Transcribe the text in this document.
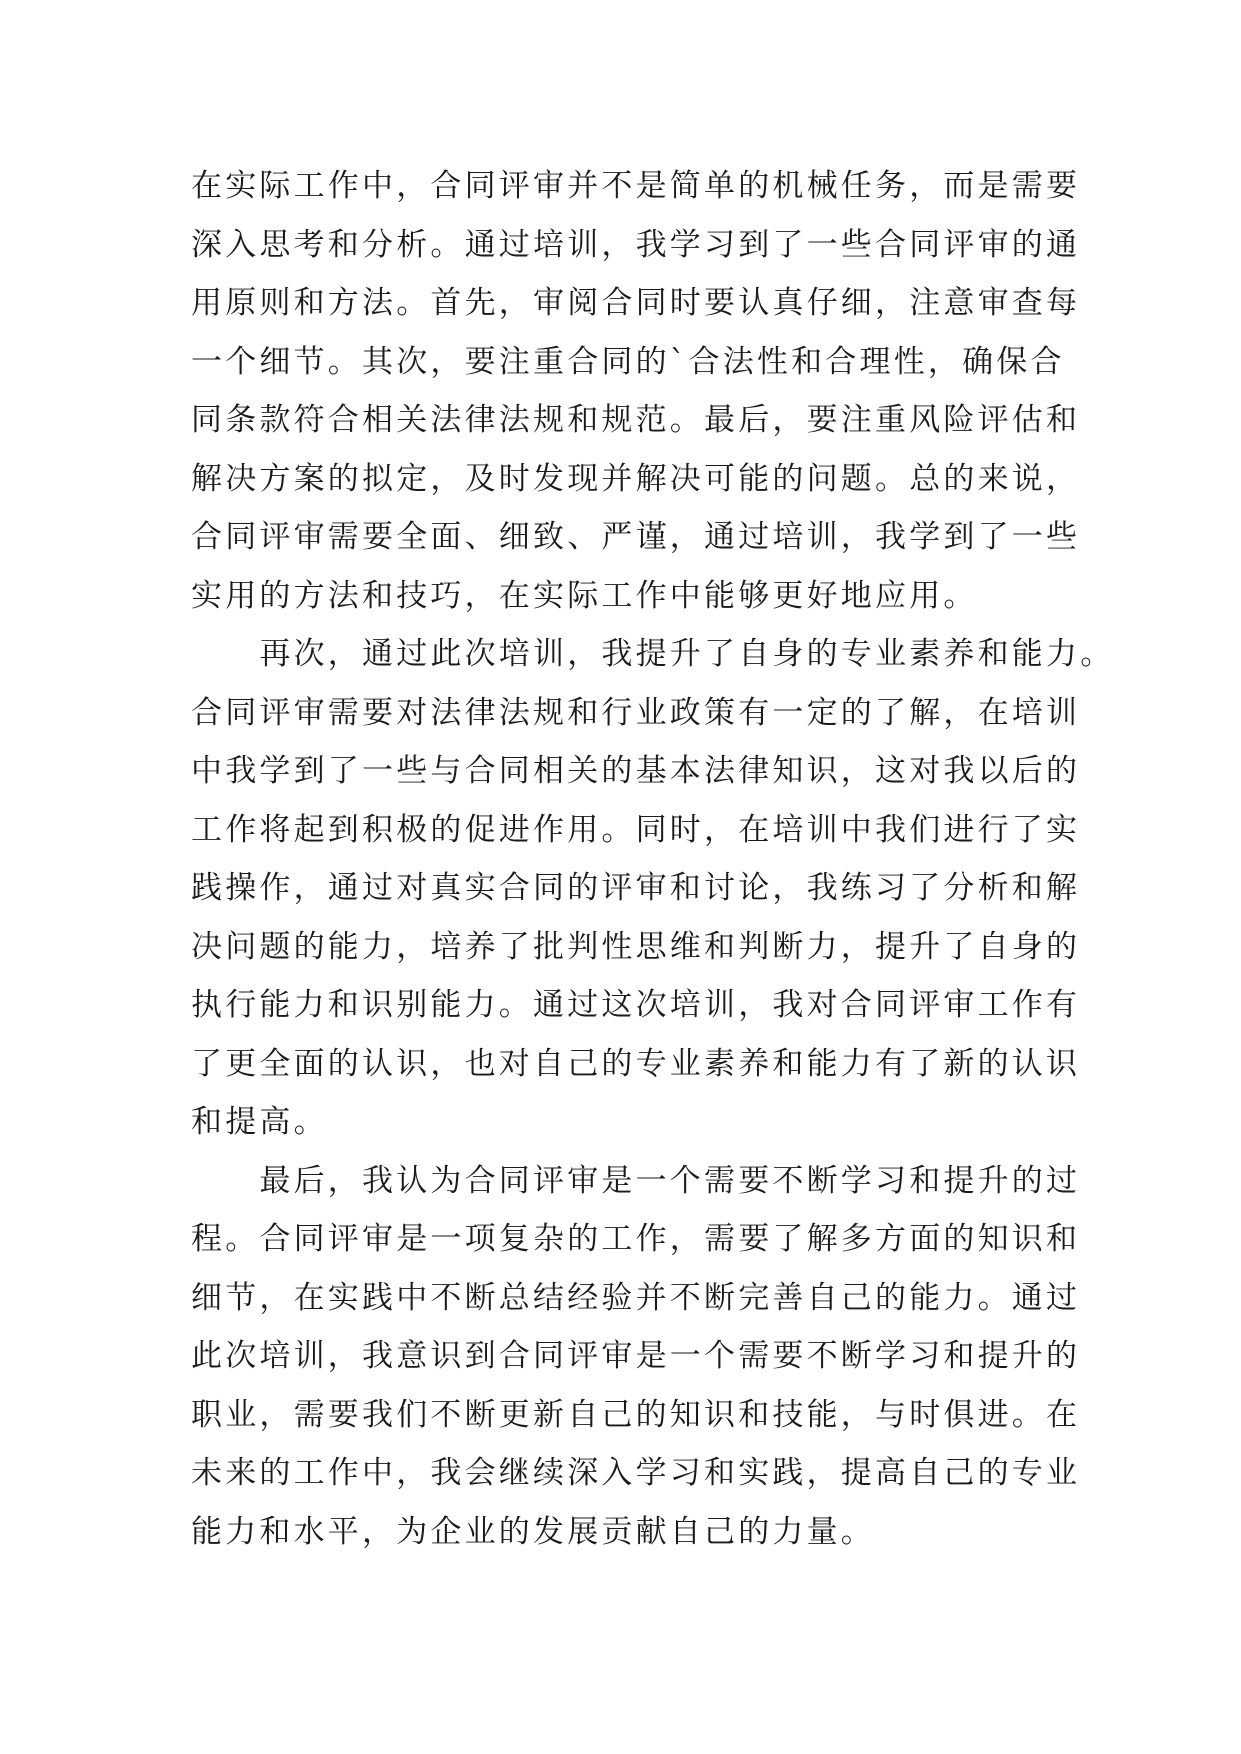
在实际工作中，合同评审并不是简单的机械任务，而是需要
深入思考和分析。通过培训，我学习到了一些合同评审的通
用原则和方法。首先，审阅合同时要认真仔细，注意审查每
一个细节。其次，要注重合同的`合法性和合理性，确保合
同条款符合相关法律法规和规范。最后，要注重风险评估和
解决方案的拟定，及时发现并解决可能的问题。总的来说，
合同评审需要全面、细致、严谨，通过培训，我学到了一些
实用的方法和技巧，在实际工作中能够更好地应用。
　　再次，通过此次培训，我提升了自身的专业素养和能力。
合同评审需要对法律法规和行业政策有一定的了解，在培训
中我学到了一些与合同相关的基本法律知识，这对我以后的
工作将起到积极的促进作用。同时，在培训中我们进行了实
践操作，通过对真实合同的评审和讨论，我练习了分析和解
决问题的能力，培养了批判性思维和判断力，提升了自身的
执行能力和识别能力。通过这次培训，我对合同评审工作有
了更全面的认识，也对自己的专业素养和能力有了新的认识
和提高。
　　最后，我认为合同评审是一个需要不断学习和提升的过
程。合同评审是一项复杂的工作，需要了解多方面的知识和
细节，在实践中不断总结经验并不断完善自己的能力。通过
此次培训，我意识到合同评审是一个需要不断学习和提升的
职业，需要我们不断更新自己的知识和技能，与时俱进。在
未来的工作中，我会继续深入学习和实践，提高自己的专业
能力和水平，为企业的发展贡献自己的力量。
